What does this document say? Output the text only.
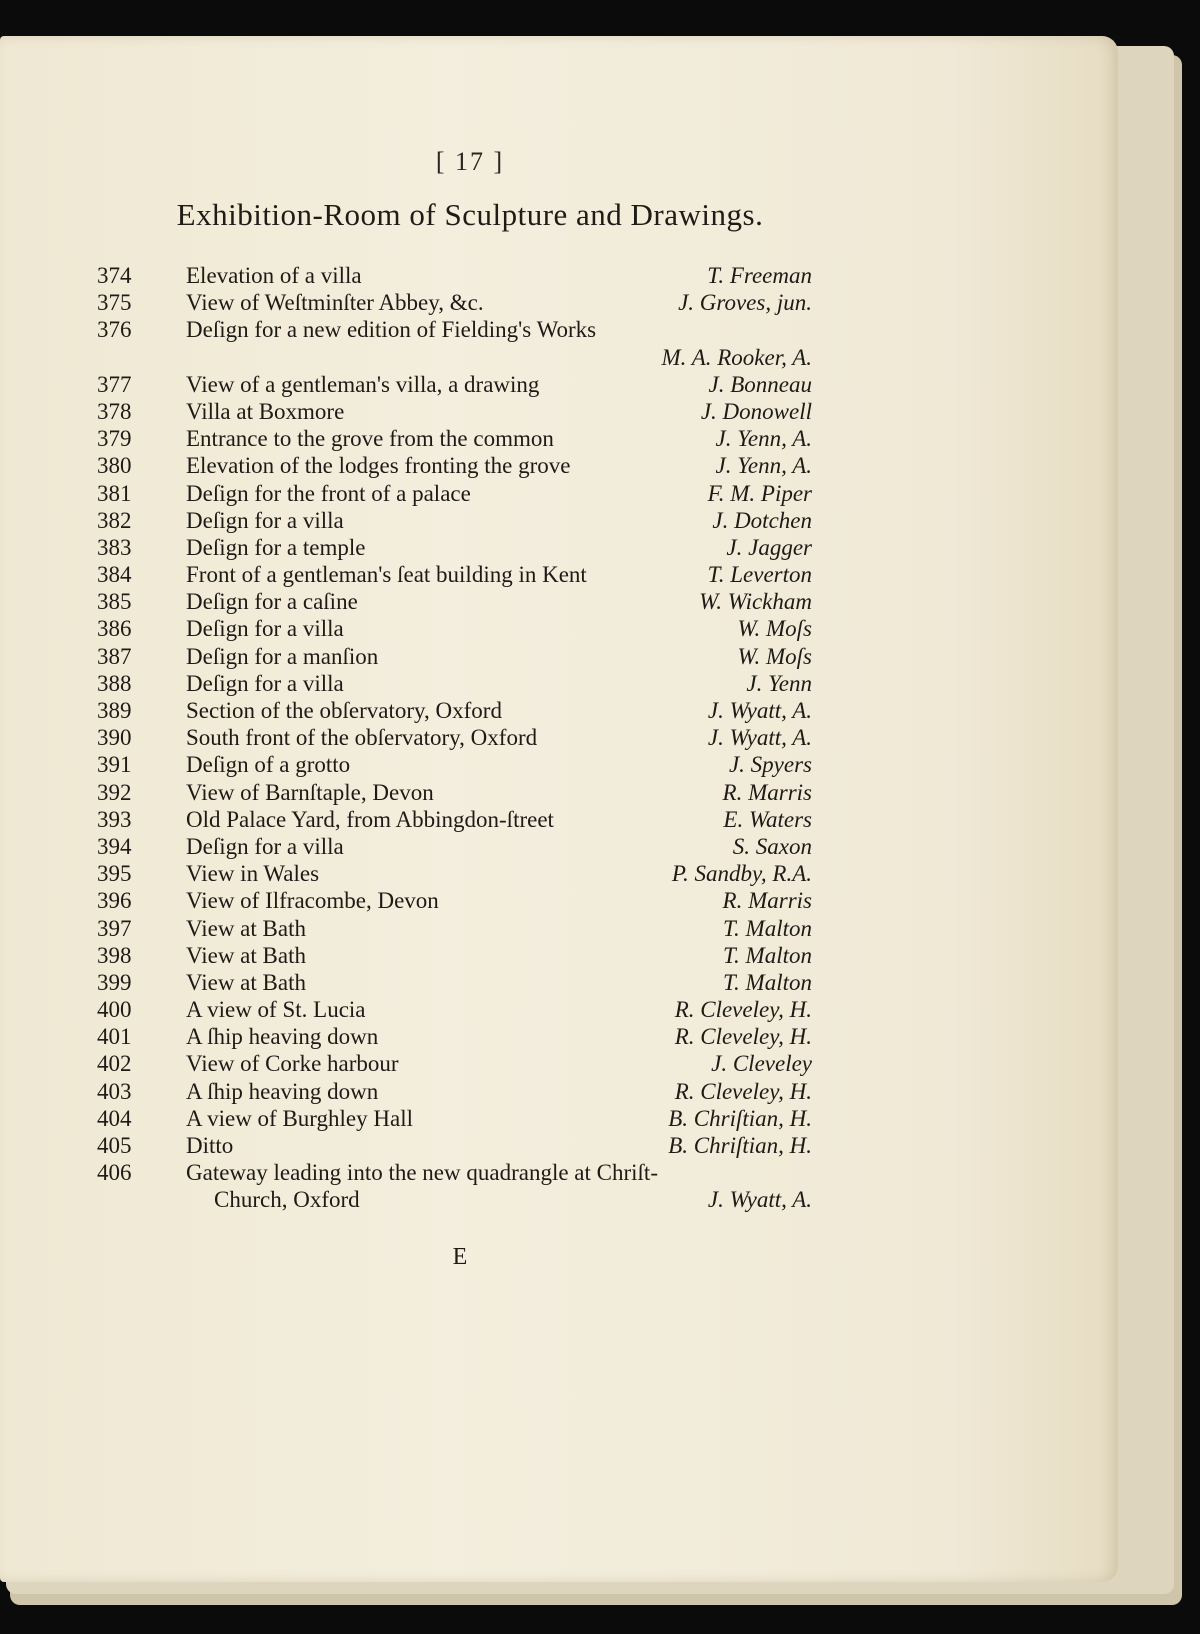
[ 17 ]
Exhibition-Room of Sculpture and Drawings.
374	Elevation of a villa	T. Freeman
375	View of Weſtminſter Abbey, &c.	J. Groves, jun.
376	Deſign for a new edition of Fielding's Works
M. A. Rooker, A.
377	View of a gentleman's villa, a drawing	J. Bonneau
378	Villa at Boxmore	J. Donowell
379	Entrance to the grove from the common	J. Yenn, A.
380	Elevation of the lodges fronting the grove	J. Yenn, A.
381	Deſign for the front of a palace	F. M. Piper
382	Deſign for a villa	J. Dotchen
383	Deſign for a temple	J. Jagger
384	Front of a gentleman's ſeat building in Kent	T. Leverton
385	Deſign for a caſine	W. Wickham
386	Deſign for a villa	W. Moſs
387	Deſign for a manſion	W. Moſs
388	Deſign for a villa	J. Yenn
389	Section of the obſervatory, Oxford	J. Wyatt, A.
390	South front of the obſervatory, Oxford	J. Wyatt, A.
391	Deſign of a grotto	J. Spyers
392	View of Barnſtaple, Devon	R. Marris
393	Old Palace Yard, from Abbingdon-ſtreet	E. Waters
394	Deſign for a villa	S. Saxon
395	View in Wales	P. Sandby, R.A.
396	View of Ilfracombe, Devon	R. Marris
397	View at Bath	T. Malton
398	View at Bath	T. Malton
399	View at Bath	T. Malton
400	A view of St. Lucia	R. Cleveley, H.
401	A ſhip heaving down	R. Cleveley, H.
402	View of Corke harbour	J. Cleveley
403	A ſhip heaving down	R. Cleveley, H.
404	A view of Burghley Hall	B. Chriſtian, H.
405	Ditto	B. Chriſtian, H.
406	Gateway leading into the new quadrangle at Chriſt-
Church, Oxford	J. Wyatt, A.
E
